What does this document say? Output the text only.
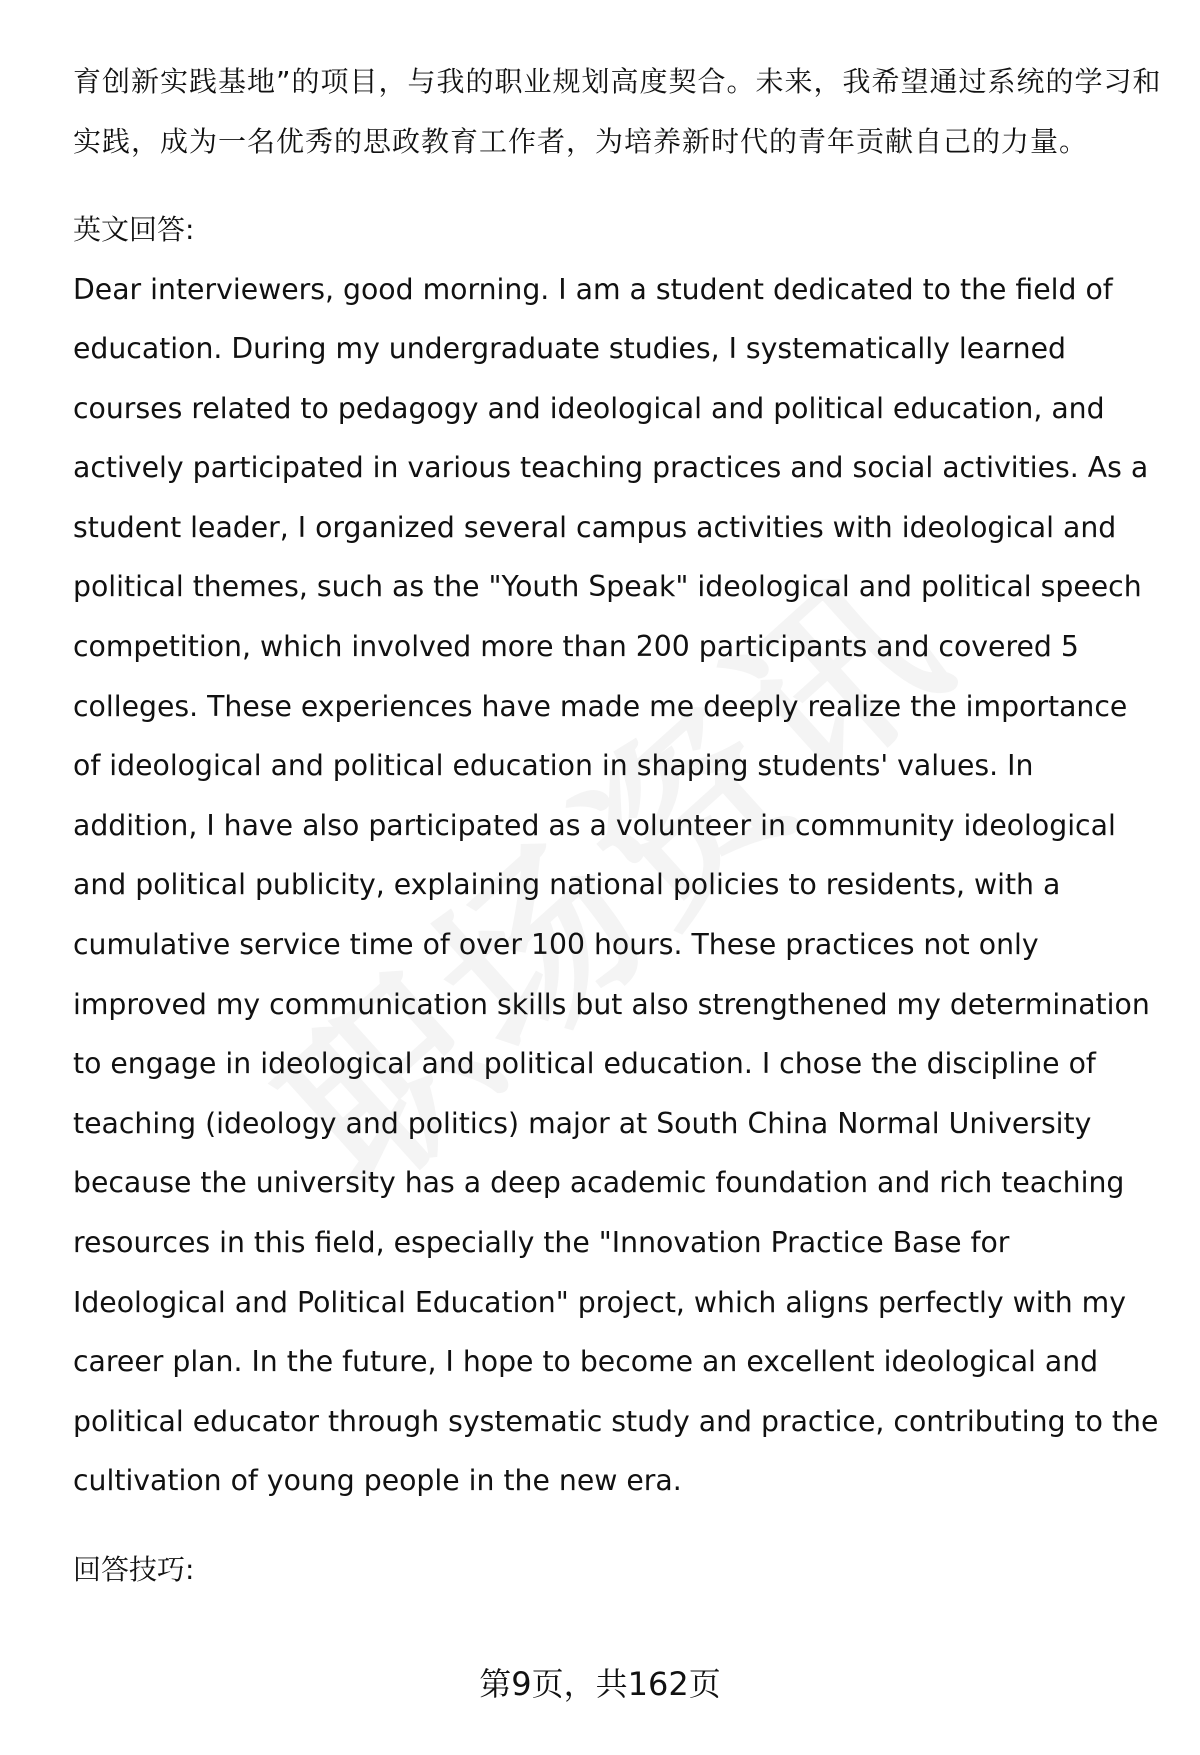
育创新实践基地”的项目，与我的职业规划高度契合。未来，我希望通过系统的学习和实践，成为一名优秀的思政教育工作者，为培养新时代的青年贡献自己的力量。

英文回答:

Dear interviewers, good morning. I am a student dedicated to the field of education. During my undergraduate studies, I systematically learned courses related to pedagogy and ideological and political education, and actively participated in various teaching practices and social activities. As a student leader, I organized several campus activities with ideological and political themes, such as the "Youth Speak" ideological and political speech competition, which involved more than 200 participants and covered 5 colleges. These experiences have made me deeply realize the importance of ideological and political education in shaping students' values. In addition, I have also participated as a volunteer in community ideological and political publicity, explaining national policies to residents, with a cumulative service time of over 100 hours. These practices not only improved my communication skills but also strengthened my determination to engage in ideological and political education. I chose the discipline of teaching (ideology and politics) major at South China Normal University because the university has a deep academic foundation and rich teaching resources in this field, especially the "Innovation Practice Base for Ideological and Political Education" project, which aligns perfectly with my career plan. In the future, I hope to become an excellent ideological and political educator through systematic study and practice, contributing to the cultivation of young people in the new era.

回答技巧:

第9页，共162页
